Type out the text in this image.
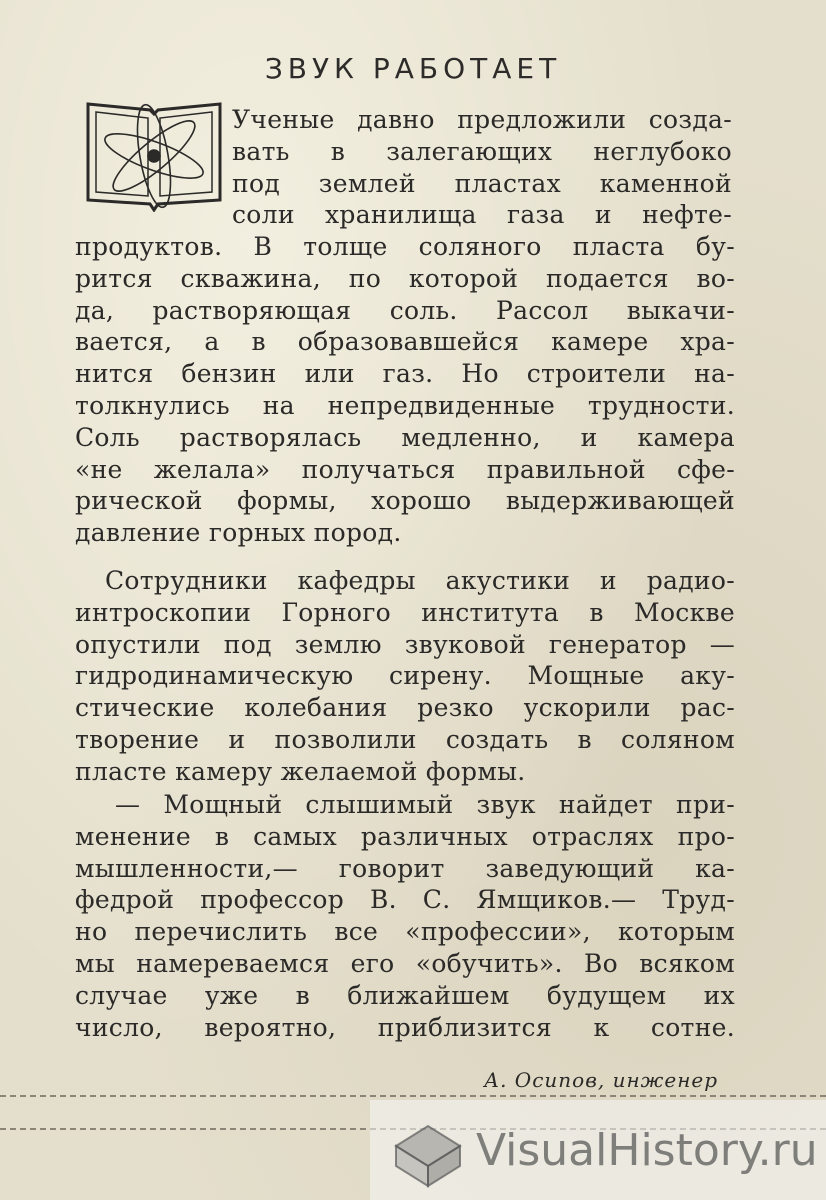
ЗВУК РАБОТАЕТ
Ученые давно предложили созда-
вать в залегающих неглубоко
под землей пластах каменной
соли хранилища газа и нефте-
продуктов. В толще соляного пласта бу-
рится скважина, по которой подается во-
да, растворяющая соль. Рассол выкачи-
вается, а в образовавшейся камере хра-
нится бензин или газ. Но строители на-
толкнулись на непредвиденные трудности.
Соль растворялась медленно, и камера
«не желала» получаться правильной сфе-
рической формы, хорошо выдерживающей
давление горных пород.
Сотрудники кафедры акустики и радио-
интроскопии Горного института в Москве
опустили под землю звуковой генератор —
гидродинамическую сирену. Мощные аку-
стические колебания резко ускорили рас-
творение и позволили создать в соляном
пласте камеру желаемой формы.
— Мощный слышимый звук найдет при-
менение в самых различных отраслях про-
мышленности,— говорит заведующий ка-
федрой профессор В. С. Ямщиков.— Труд-
но перечислить все «профессии», которым
мы намереваемся его «обучить». Во всяком
случае уже в ближайшем будущем их
число, вероятно, приблизится к сотне.
А. Осипов, инженер
VisualHistory.ru
